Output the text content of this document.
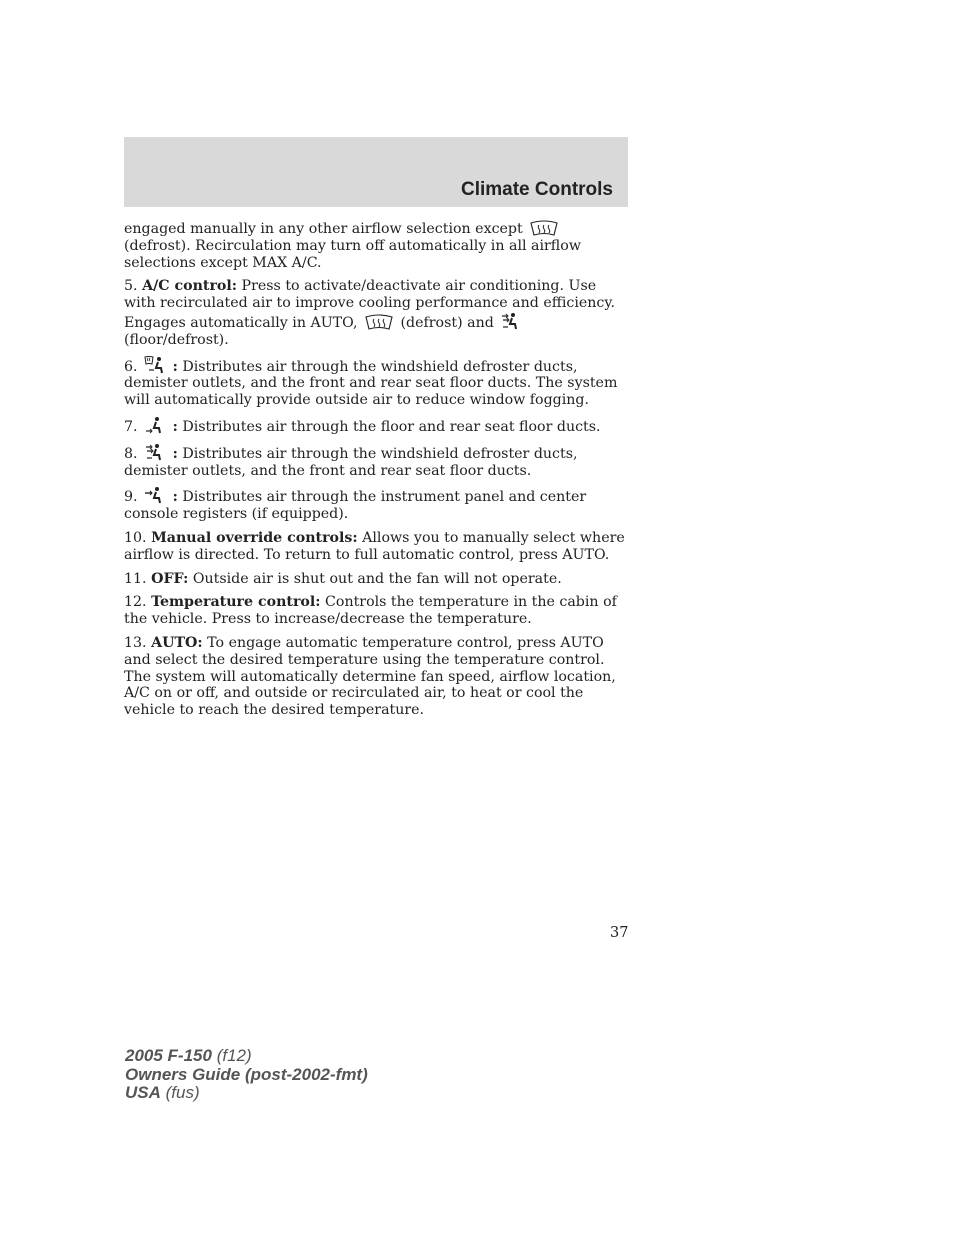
Climate Controls

engaged manually in any other airflow selection except
(defrost). Recirculation may turn off automatically in all airflow selections except MAX A/C.

5. A/C control: Press to activate/deactivate air conditioning. Use with recirculated air to improve cooling performance and efficiency. Engages automatically in AUTO,	(defrost) and
(floor/defrost).

6. : Distributes air through the windshield defroster ducts, demister outlets, and the front and rear seat floor ducts. The system will automatically provide outside air to reduce window fogging.

7. : Distributes air through the floor and rear seat floor ducts.

8. : Distributes air through the windshield defroster ducts, demister outlets, and the front and rear seat floor ducts.

9. : Distributes air through the instrument panel and center console registers (if equipped).

10. Manual override controls: Allows you to manually select where airflow is directed. To return to full automatic control, press AUTO.

11. OFF: Outside air is shut out and the fan will not operate.

12. Temperature control: Controls the temperature in the cabin of the vehicle. Press to increase/decrease the temperature.

13. AUTO: To engage automatic temperature control, press AUTO and select the desired temperature using the temperature control. The system will automatically determine fan speed, airflow location, A/C on or off, and outside or recirculated air, to heat or cool the vehicle to reach the desired temperature.

37
2005 F-150 (f12)
Owners Guide (post-2002-fmt)
USA (fus)
